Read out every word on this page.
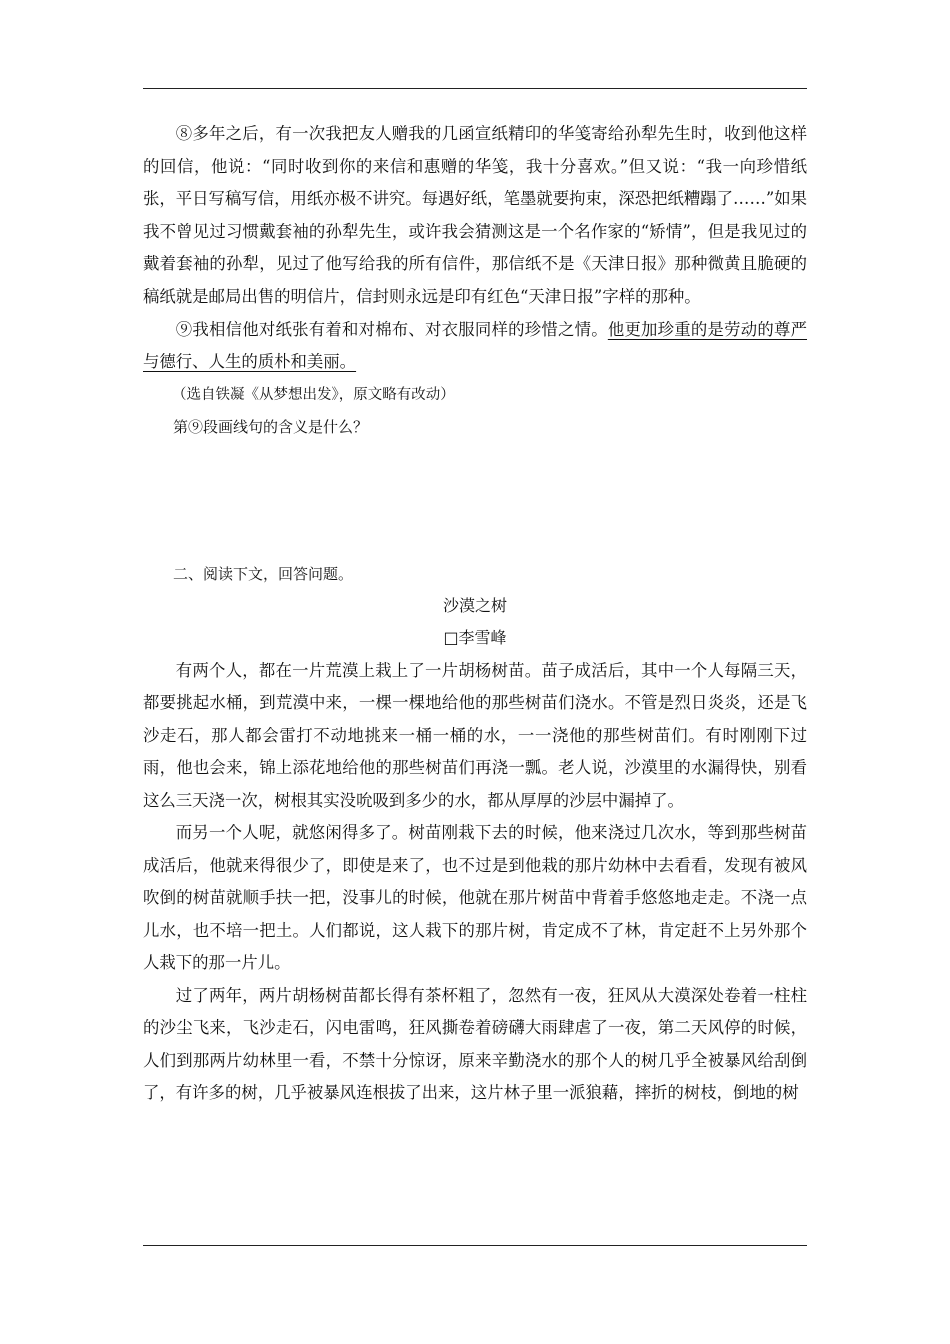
⑧多年之后，有一次我把友人赠我的几函宣纸精印的华笺寄给孙犁先生时，收到他这样的回信，他说：“同时收到你的来信和惠赠的华笺，我十分喜欢。”但又说：“我一向珍惜纸张，平日写稿写信，用纸亦极不讲究。每遇好纸，笔墨就要拘束，深恐把纸糟蹋了……”如果我不曾见过习惯戴套袖的孙犁先生，或许我会猜测这是一个名作家的“矫情”，但是我见过的戴着套袖的孙犁，见过了他写给我的所有信件，那信纸不是《天津日报》那种微黄且脆硬的稿纸就是邮局出售的明信片，信封则永远是印有红色“天津日报”字样的那种。

⑨我相信他对纸张有着和对棉布、对衣服同样的珍惜之情。他更加珍重的是劳动的尊严与德行、人生的质朴和美丽。

（选自铁凝《从梦想出发》，原文略有改动）

第⑨段画线句的含义是什么？

二、阅读下文，回答问题。

沙漠之树

□李雪峰

有两个人，都在一片荒漠上栽上了一片胡杨树苗。苗子成活后，其中一个人每隔三天，都要挑起水桶，到荒漠中来，一棵一棵地给他的那些树苗们浇水。不管是烈日炎炎，还是飞沙走石，那人都会雷打不动地挑来一桶一桶的水，一一浇他的那些树苗们。有时刚刚下过雨，他也会来，锦上添花地给他的那些树苗们再浇一瓢。老人说，沙漠里的水漏得快，别看这么三天浇一次，树根其实没吮吸到多少的水，都从厚厚的沙层中漏掉了。

而另一个人呢，就悠闲得多了。树苗刚栽下去的时候，他来浇过几次水，等到那些树苗成活后，他就来得很少了，即使是来了，也不过是到他栽的那片幼林中去看看，发现有被风吹倒的树苗就顺手扶一把，没事儿的时候，他就在那片树苗中背着手悠悠地走走。不浇一点儿水，也不培一把土。人们都说，这人栽下的那片树，肯定成不了林，肯定赶不上另外那个人栽下的那一片儿。

过了两年，两片胡杨树苗都长得有茶杯粗了，忽然有一夜，狂风从大漠深处卷着一柱柱的沙尘飞来，飞沙走石，闪电雷鸣，狂风撕卷着磅礴大雨肆虐了一夜，第二天风停的时候，人们到那两片幼林里一看，不禁十分惊讶，原来辛勤浇水的那个人的树几乎全被暴风给刮倒了，有许多的树，几乎被暴风连根拔了出来，这片林子里一派狼藉，摔折的树枝，倒地的树
